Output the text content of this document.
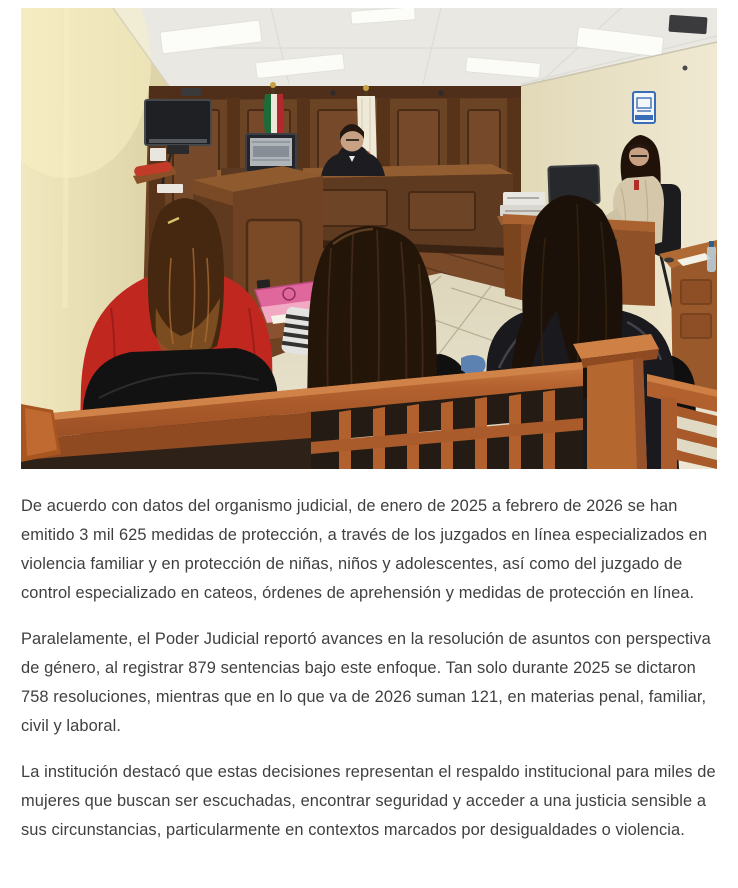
De acuerdo con datos del organismo judicial, de enero de 2025 a febrero de 2026 se han emitido 3 mil 625 medidas de protección, a través de los juzgados en línea especializados en violencia familiar y en protección de niñas, niños y adolescentes, así como del juzgado de control especializado en cateos, órdenes de aprehensión y medidas de protección en línea.

Paralelamente, el Poder Judicial reportó avances en la resolución de asuntos con perspectiva de género, al registrar 879 sentencias bajo este enfoque. Tan solo durante 2025 se dictaron 758 resoluciones, mientras que en lo que va de 2026 suman 121, en materias penal, familiar, civil y laboral.

La institución destacó que estas decisiones representan el respaldo institucional para miles de mujeres que buscan ser escuchadas, encontrar seguridad y acceder a una justicia sensible a sus circunstancias, particularmente en contextos marcados por desigualdades o violencia.
